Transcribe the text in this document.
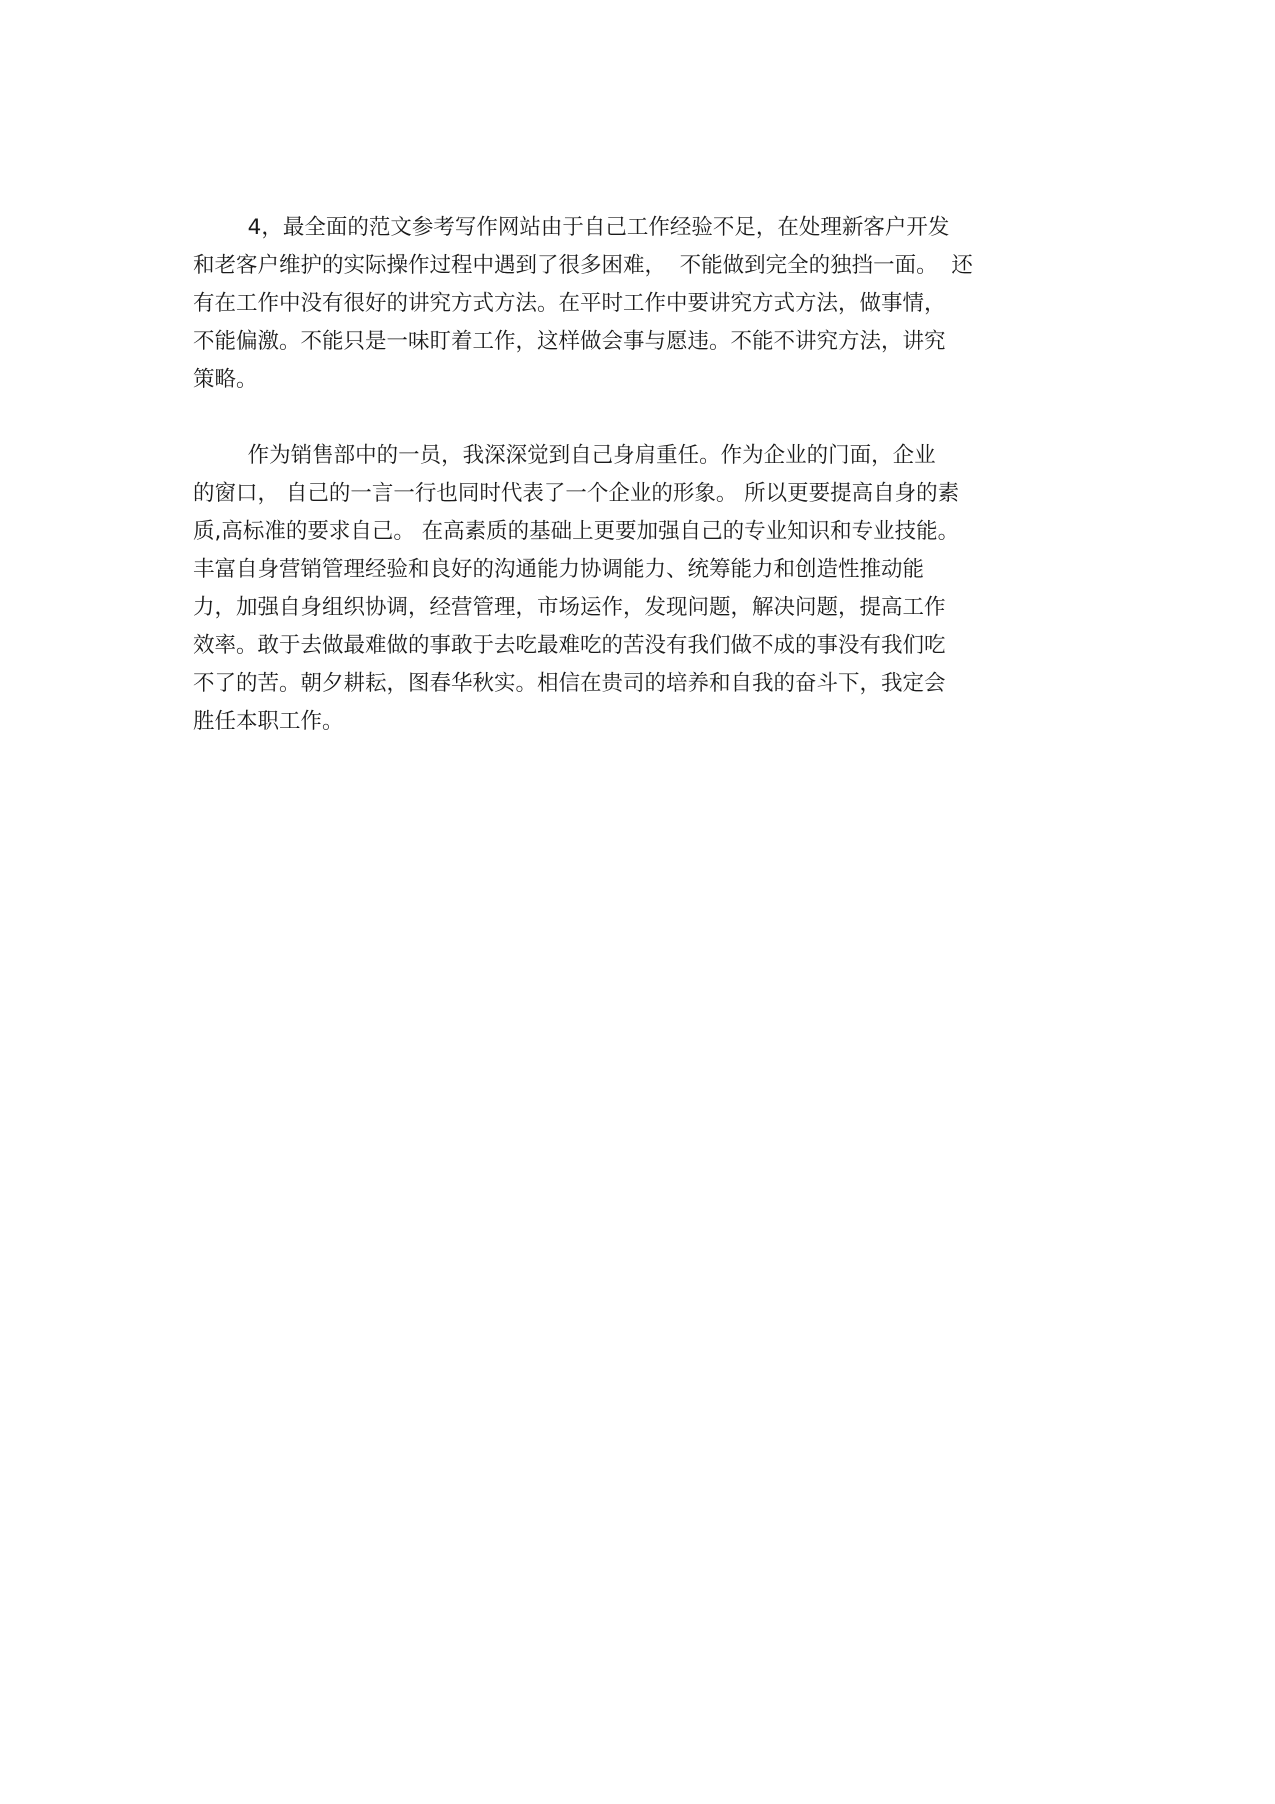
4，最全面的范文参考写作网站由于自己工作经验不足，在处理新客户开发
和老客户维护的实际操作过程中遇到了很多困难，  不能做到完全的独挡一面。  还
有在工作中没有很好的讲究方式方法。在平时工作中要讲究方式方法，做事情，
不能偏激。不能只是一味盯着工作，这样做会事与愿违。不能不讲究方法，讲究
策略。
作为销售部中的一员，我深深觉到自己身肩重任。作为企业的门面，企业
的窗口， 自己的一言一行也同时代表了一个企业的形象。 所以更要提高自身的素
质,高标准的要求自己。 在高素质的基础上更要加强自己的专业知识和专业技能。
丰富自身营销管理经验和良好的沟通能力协调能力、统筹能力和创造性推动能
力，加强自身组织协调，经营管理，市场运作，发现问题，解决问题，提高工作
效率。敢于去做最难做的事敢于去吃最难吃的苦没有我们做不成的事没有我们吃
不了的苦。朝夕耕耘，图春华秋实。相信在贵司的培养和自我的奋斗下，我定会
胜任本职工作。
